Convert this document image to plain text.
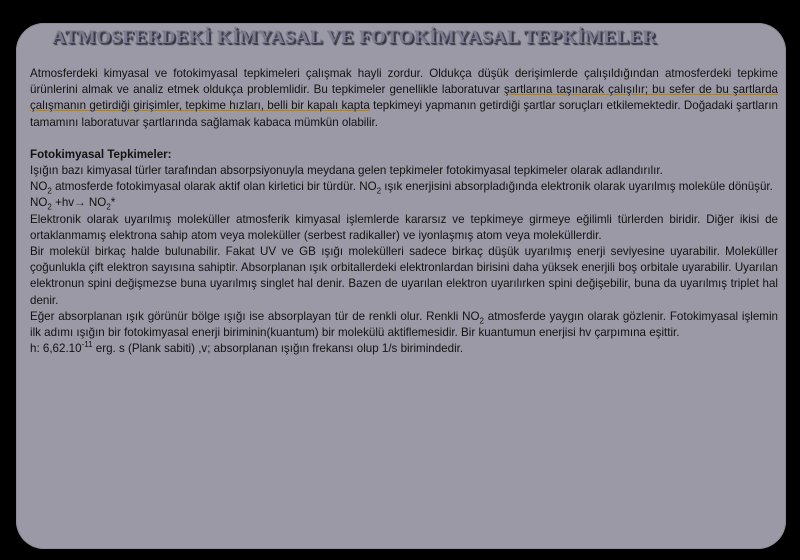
ATMOSFERDEKİ KİMYASAL VE FOTOKİMYASAL TEPKİMELER

Atmosferdeki kimyasal ve fotokimyasal tepkimeleri çalışmak hayli zordur. Oldukça düşük derişimlerde çalışıldığından atmosferdeki tepkime ürünlerini almak ve analiz etmek oldukça problemlidir. Bu tepkimeler genellikle laboratuvar şartlarına taşınarak çalışılır; bu sefer de bu şartlarda çalışmanın getirdiği girişimler, tepkime hızları, belli bir kapalı kapta tepkimeyi yapmanın getirdiği şartlar soruçları etkilemektedir. Doğadaki şartların tamamını laboratuvar şartlarında sağlamak kabaca mümkün olabilir.

Fotokimyasal Tepkimeler:

Işığın bazı kimyasal türler tarafından absorpsiyonuyla meydana gelen tepkimeler fotokimyasal tepkimeler olarak adlandırılır.

$NO_2$ atmosferde fotokimyasal olarak aktif olan kirletici bir türdür. $NO_2$ ışık enerjisini absorpladığında elektronik olarak uyarılmış moleküle dönüşür.

$NO_2 +hv\to NO_2*$

Elektronik olarak uyarılmış moleküller atmosferik kimyasal işlemlerde kararsız ve tepkimeye girmeye eğilimli türlerden biridir. Diğer ikisi de ortaklanmamış elektrona sahip atom veya moleküller (serbest radikaller) ve iyonlaşmış atom veya moleküllerdir.

Bir molekül birkaç halde bulunabilir. Fakat UV ve GB ışığı molekülleri sadece birkaç düşük uyarılmış enerji seviyesine uyarabilir. Moleküller çoğunlukla çift elektron sayısına sahiptir. Absorplanan ışık orbitallerdeki elektronlardan birisini daha yüksek enerjili boş orbitale uyarabilir. Uyarılan elektronun spini değişmezse buna uyarılmış singlet hal denir. Bazen de uyarılan elektron uyarılırken spini değişebilir, buna da uyarılmış triplet hal denir.

Eğer absorplanan ışık görünür bölge ışığı ise absorplayan tür de renkli olur. Renkli $NO_2$ atmosferde yaygın olarak gözlenir. Fotokimyasal işlemin ilk adımı ışığın bir fotokimyasal enerji biriminin(kuantum) bir molekülü aktiflemesidir. Bir kuantumun enerjisi hv çarpımına eşittir.

h: $6,62.10^{-11}$ erg. s (Plank sabiti) ,v; absorplanan ışığın frekansı olup 1/s birimindedir.
